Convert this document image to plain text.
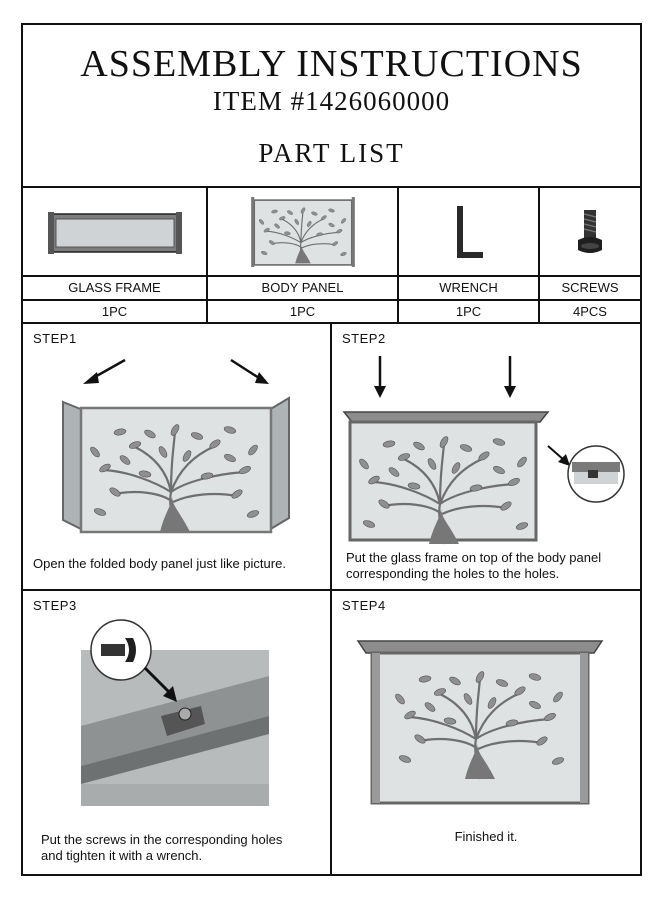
ASSEMBLY INSTRUCTIONS
ITEM #1426060000
PART LIST
GLASS FRAME
1PC
BODY PANEL
1PC
WRENCH
1PC
SCREWS
4PCS
STEP1
Open the folded body panel just like picture.
STEP2
Put the glass frame on top of the body panel
corresponding the holes to the holes.
STEP3
Put the screws in the corresponding holes
and tighten it with a wrench.
STEP4
Finished it.
